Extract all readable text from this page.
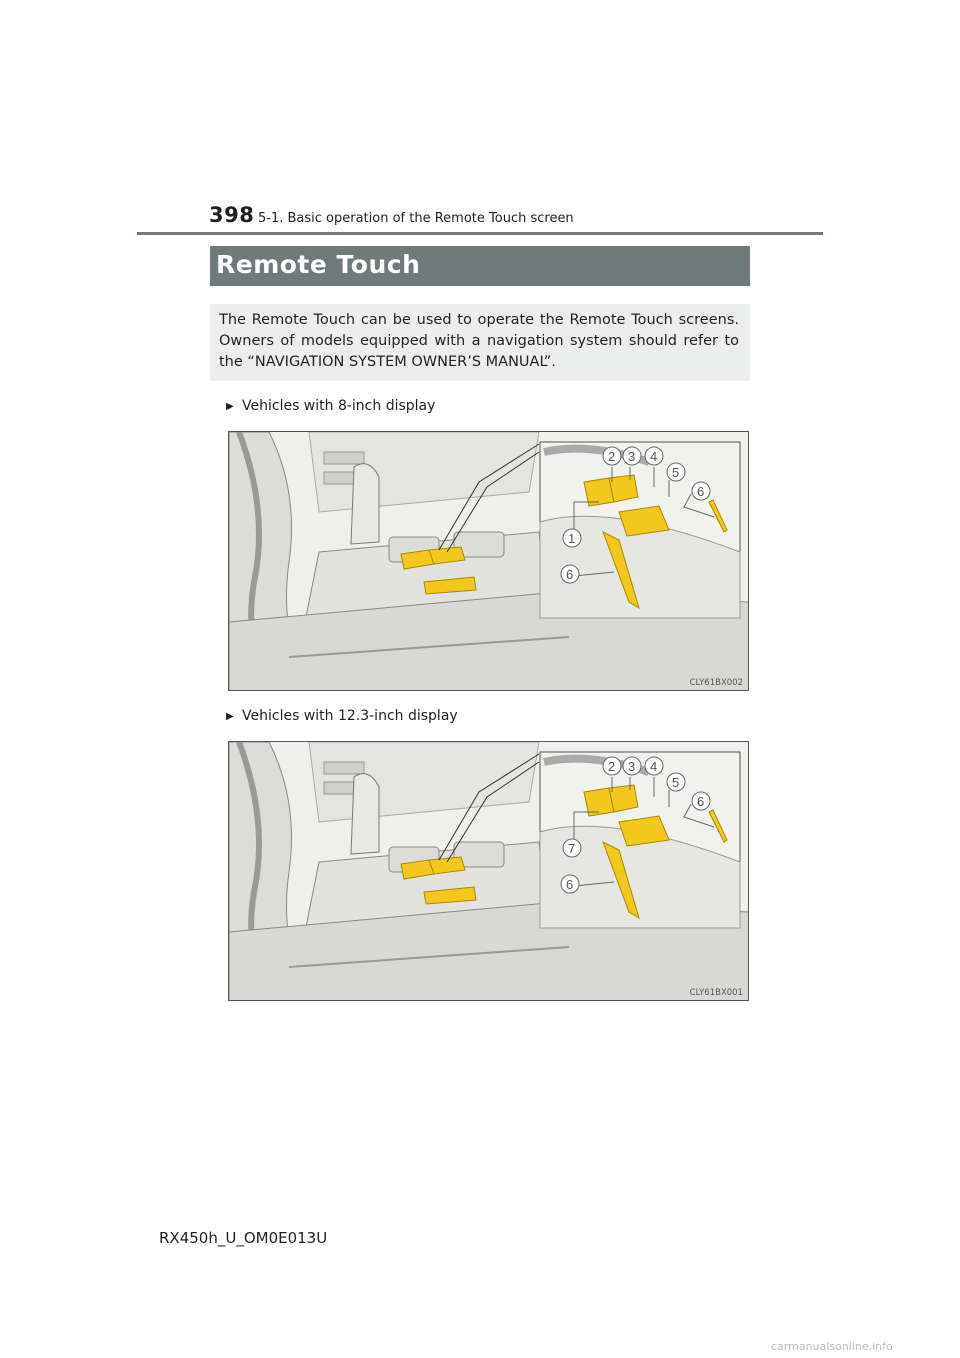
398 5-1. Basic operation of the Remote Touch screen
Remote Touch
The Remote Touch can be used to operate the Remote Touch screens. Owners of models equipped with a navigation system should refer to the “NAVIGATION SYSTEM OWNER’S MANUAL”.
▶ Vehicles with 8-inch display
2 3 4
5
6
1
6
CLY61BX002
▶ Vehicles with 12.3-inch display
2 3 4
5
6
7
6
CLY61BX001
RX450h_U_OM0E013U
carmanualsonline.info
